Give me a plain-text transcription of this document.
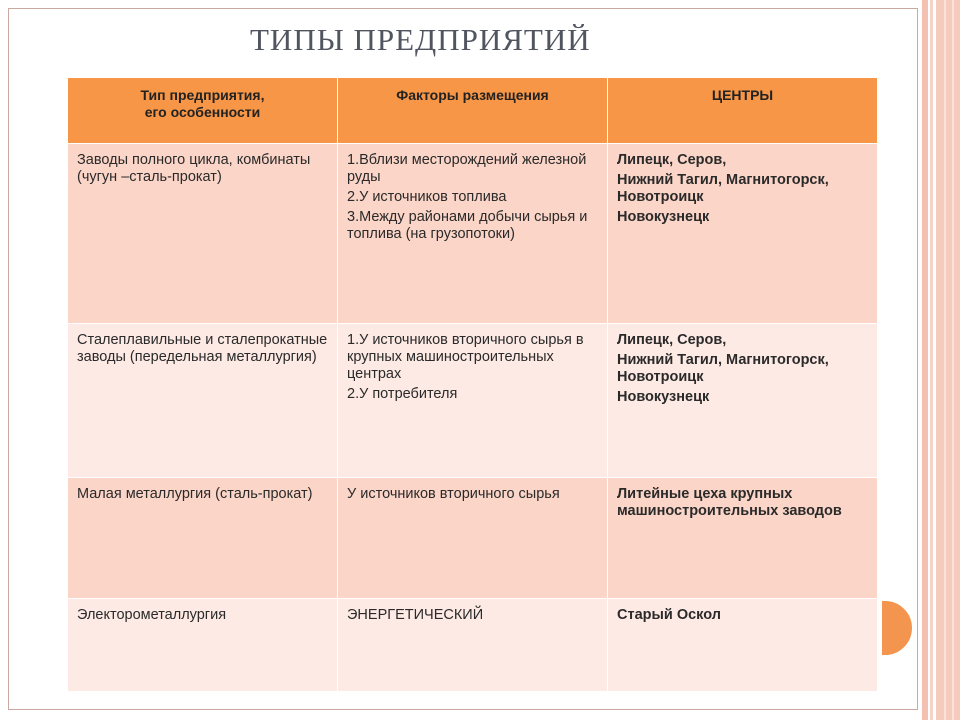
ТИПЫ ПРЕДПРИЯТИЙ
Тип предприятия,
его особенности	Факторы размещения	ЦЕНТРЫ
Заводы полного цикла, комбинаты (чугун –сталь-прокат)	1.Вблизи месторождений железной руды
2.У источников топлива
3.Между районами добычи сырья и топлива (на грузопотоки)	Липецк, Серов,
Нижний Тагил, Магнитогорск, Новотроицк
Новокузнецк

Сталеплавильные и сталепрокатные заводы (передельная металлургия)	1.У источников вторичного сырья в крупных машиностроительных центрах
2.У потребителя	Липецк, Серов,
Нижний Тагил, Магнитогорск, Новотроицк
Новокузнецк

Малая металлургия (сталь-прокат)	У источников вторичного сырья	Литейные цеха крупных машиностроительных заводов

Электорометаллургия	ЭНЕРГЕТИЧЕСКИЙ	Старый Оскол
